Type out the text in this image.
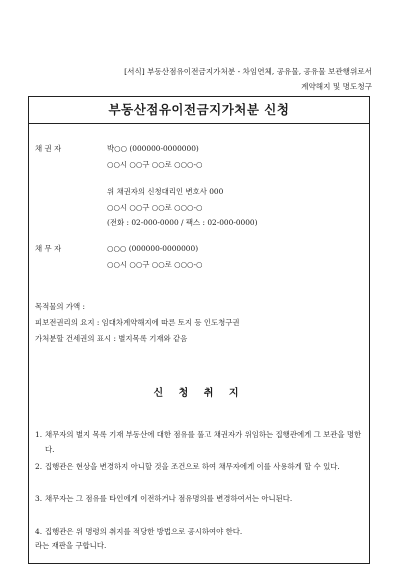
[서식] 부동산점유이전금지가처분 - 차임연체, 공유물, 공유물 보관행위로서
계약해지 및 명도청구
부동산점유이전금지가처분 신청
채 권 자	박○○ (000000-0000000)
○○시 ○○구 ○○로 ○○○-○
위 채권자의 신청대리인 변호사 000
○○시 ○○구 ○○로 ○○○-○
(전화 : 02-000-0000 / 팩스 : 02-000-0000)
채 무 자	○○○ (000000-0000000)
○○시 ○○구 ○○로 ○○○-○
목적물의 가액 :
피보전권리의 요지 : 임대차계약해지에 따른 토지 등 인도청구권
가처분할 건세권의 표시 : 별지목록 기재와 같음
신 청 취 지
1. 채무자의 별지 목록 기재 부동산에 대한 점유를 풀고 채권자가 위임하는 집행관에게 그 보관을 명한다.
2. 집행관은 현상을 변경하지 아니할 것을 조건으로 하여 채무자에게 이를 사용하게 할 수 있다.
3. 채무자는 그 점유를 타인에게 이전하거나 점유명의를 변경하여서는 아니된다.
4. 집행관은 위 명령의 취지를 적당한 방법으로 공시하여야 한다.
라는 재판을 구합니다.
